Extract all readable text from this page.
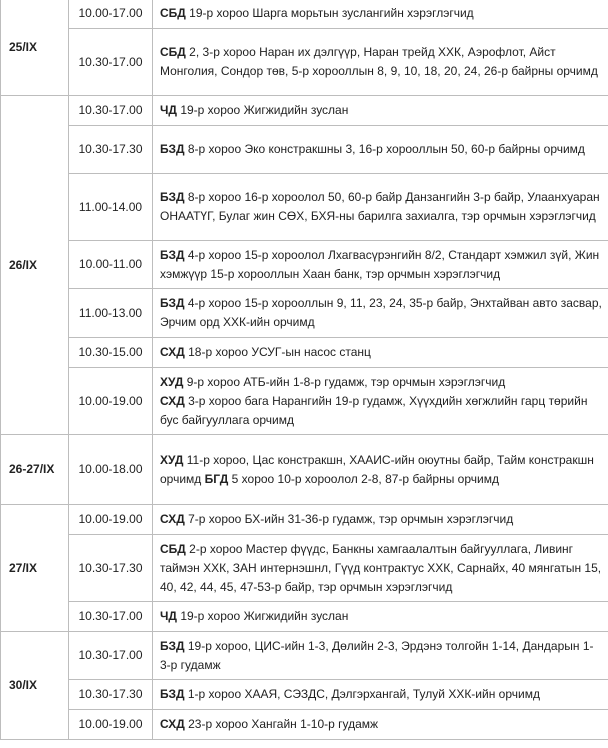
25/IX	10.00-17.00	СБД 19-р хороо Шарга морьтын зуслангийн хэрэглэгчид
	10.30-17.00	СБД 2, 3-р хороо Наран их дэлгүүр, Наран трейд ХХК, Аэрофлот, Айст Монголия, Сондор төв, 5-р хорооллын 8, 9, 10, 18, 20, 24, 26-р байрны орчимд
26/IX	10.30-17.00	ЧД 19-р хороо Жигжидийн зуслан
	10.30-17.30	БЗД 8-р хороо Эко констракшны 3, 16-р хорооллын 50, 60-р байрны орчимд
	11.00-14.00	БЗД 8-р хороо 16-р хороолол 50, 60-р байр Данзангийн 3-р байр, Улаанхуаран ОНААТҮГ, Булаг жин СӨХ, БХЯ-ны барилга захиалга, тэр орчмын хэрэглэгчид
	10.00-11.00	БЗД 4-р хороо 15-р хороолол Лхагвасүрэнгийн 8/2, Стандарт хэмжил зүй, Жин хэмжүүр 15-р хорооллын Хаан банк, тэр орчмын хэрэглэгчид
	11.00-13.00	БЗД 4-р хороо 15-р хорооллын 9, 11, 23, 24, 35-р байр, Энхтайван авто засвар, Эрчим орд ХХК-ийн орчимд
	10.30-15.00	СХД 18-р хороо УСУГ-ын насос станц
	10.00-19.00	ХУД 9-р хороо АТБ-ийн 1-8-р гудамж, тэр орчмын хэрэглэгчид
СХД 3-р хороо бага Нарангийн 19-р гудамж, Хүүхдийн хөгжлийн гарц төрийн бус байгууллага орчимд
26-27/IX	10.00-18.00	ХУД 11-р хороо, Цас констракшн, ХААИС-ийн оюутны байр, Тайм констракшн орчимд БГД 5 хороо 10-р хороолол 2-8, 87-р байрны орчимд
27/IX	10.00-19.00	СХД 7-р хороо БХ-ийн 31-36-р гудамж, тэр орчмын хэрэглэгчид
	10.30-17.30	СБД 2-р хороо Мастер фүүдс, Банкны хамгаалалтын байгууллага, Ливинг таймэн ХХК, ЗАН интернэшнл, Гүүд контрактус ХХК, Сарнайх, 40 мянгатын 15, 40, 42, 44, 45, 47-53-р байр, тэр орчмын хэрэглэгчид
	10.30-17.00	ЧД 19-р хороо Жигжидийн зуслан
30/IX	10.30-17.00	БЗД 19-р хороо, ЦИС-ийн 1-3, Дөлийн 2-3, Эрдэнэ толгойн 1-14, Дандарын 1-3-р гудамж
	10.30-17.30	БЗД 1-р хороо ХААЯ, СЭЗДС, Дэлгэрхангай, Тулуй ХХК-ийн орчимд
	10.00-19.00	СХД 23-р хороо Хангайн 1-10-р гудамж
